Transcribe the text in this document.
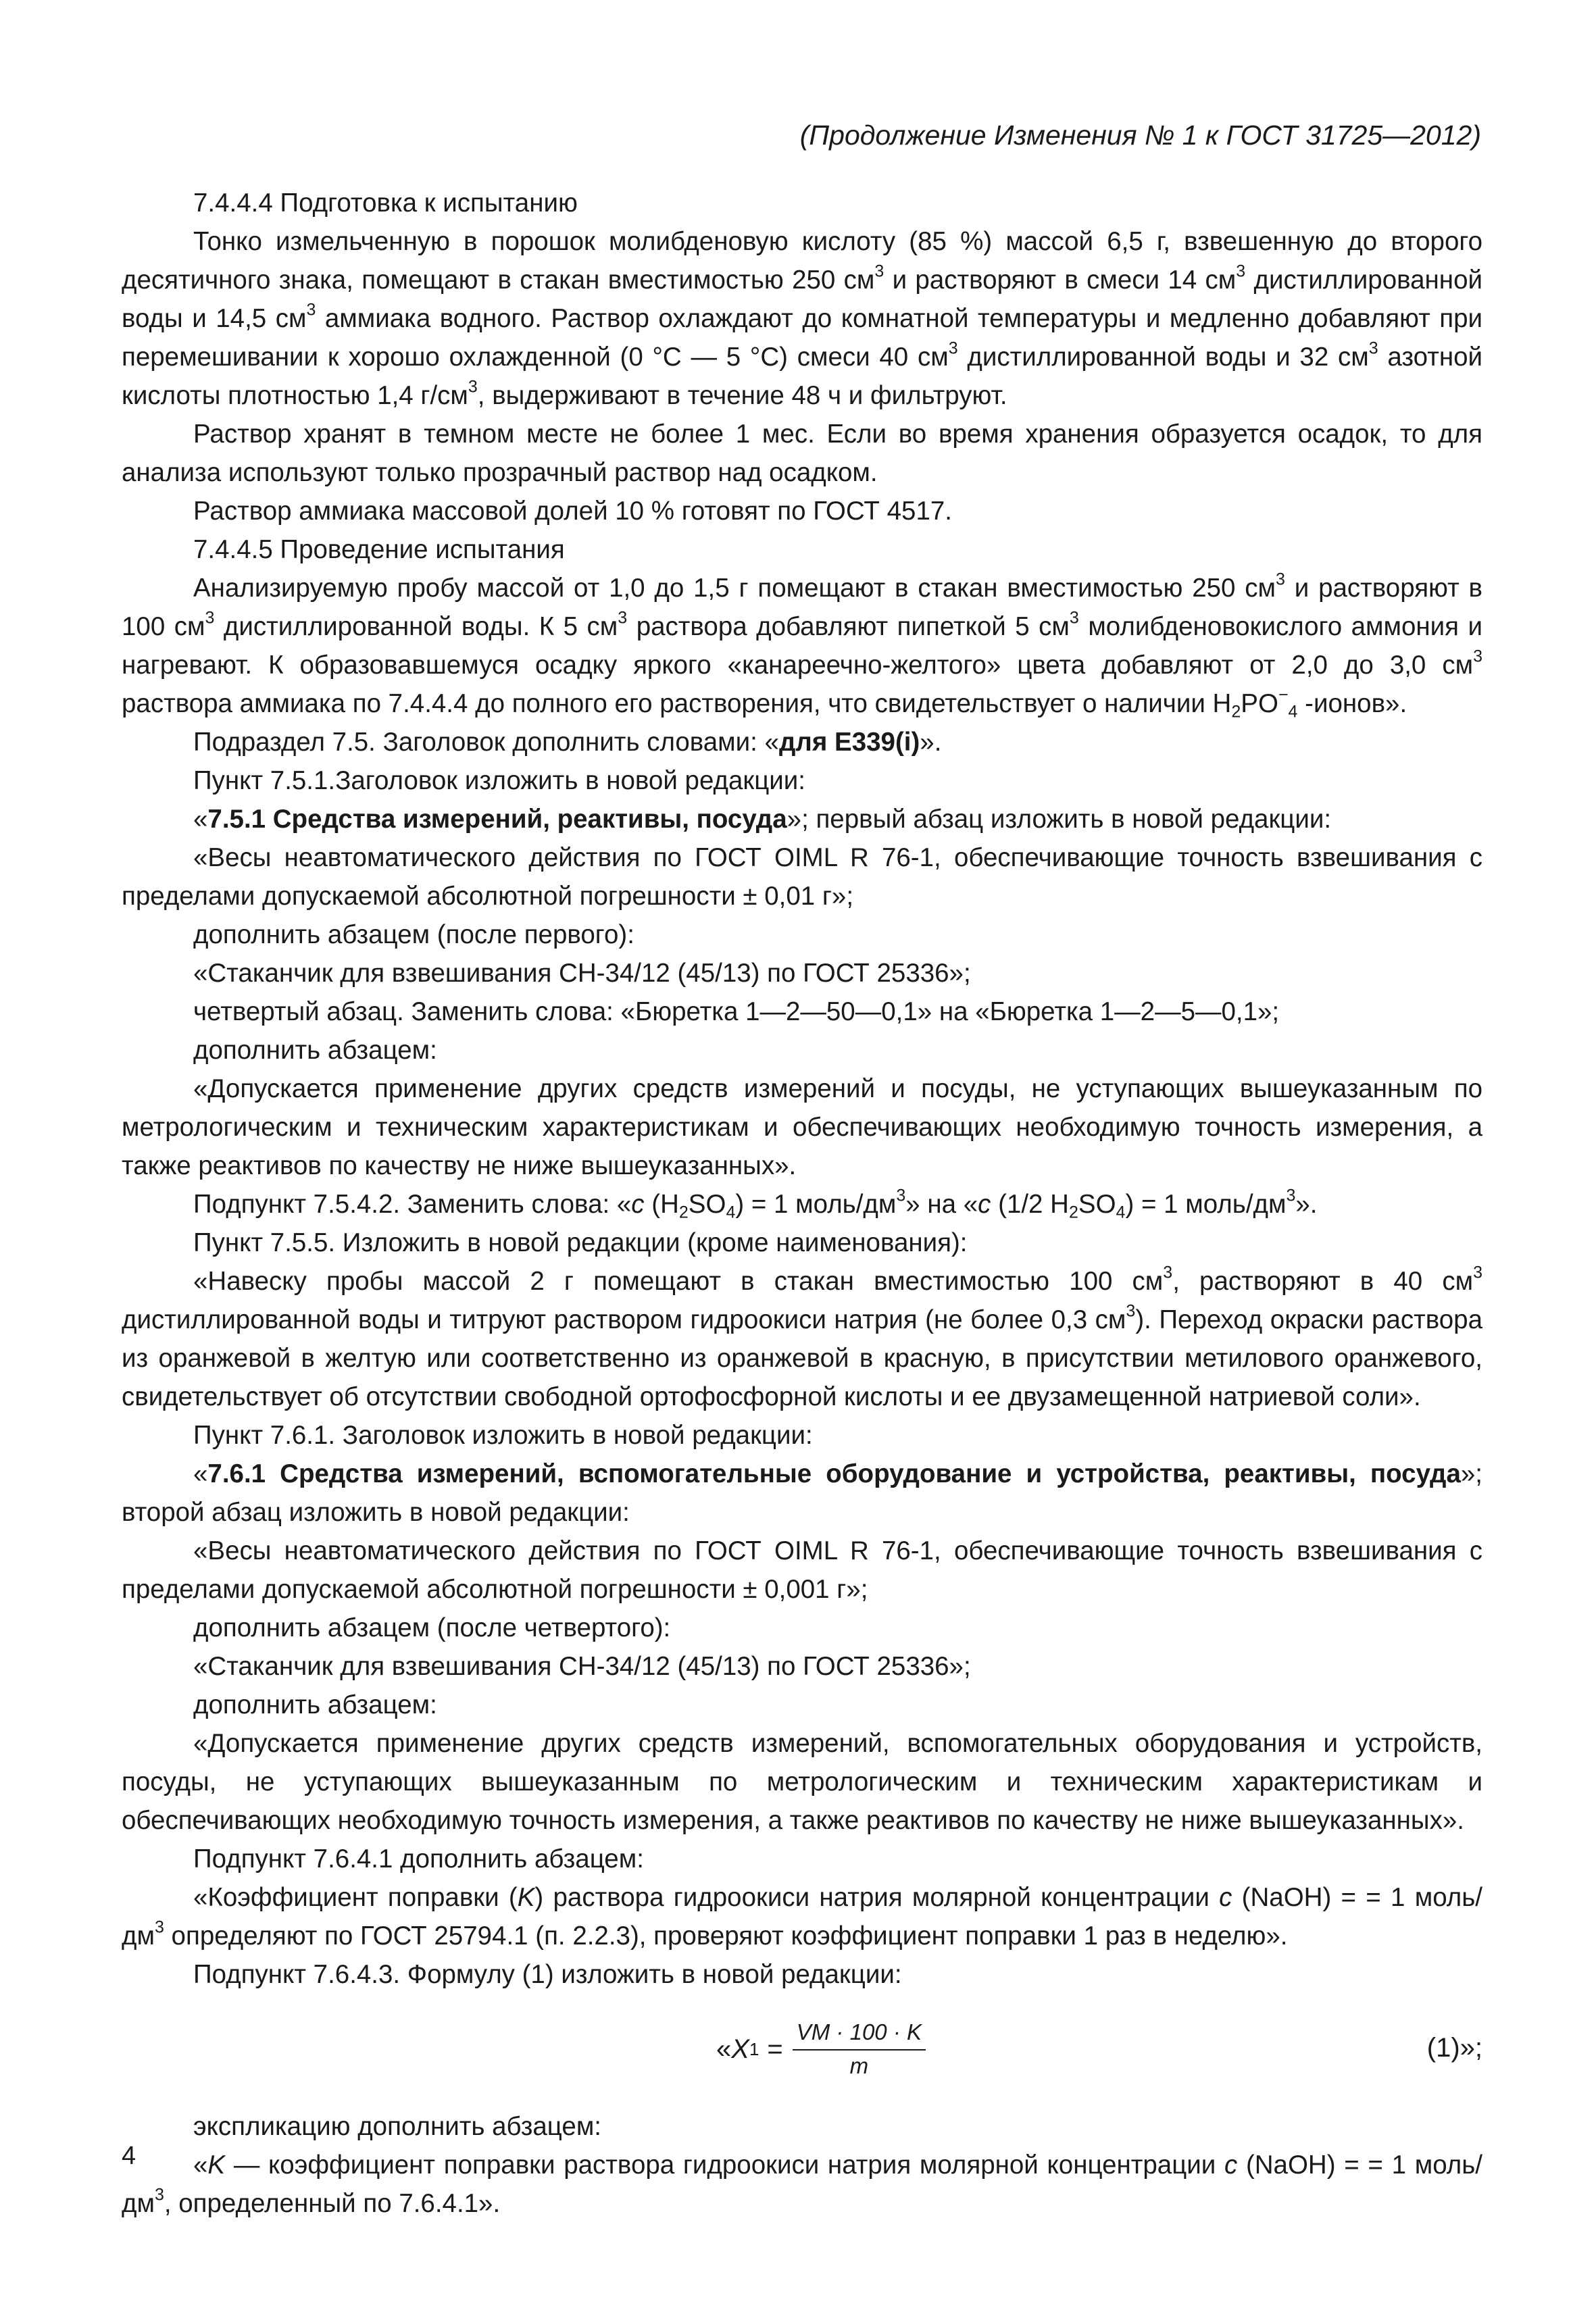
(Продолжение Изменения № 1 к ГОСТ 31725—2012)

7.4.4.4 Подготовка к испытанию

Тонко измельченную в порошок молибденовую кислоту (85 %) массой 6,5 г, взвешенную до второго десятичного знака, помещают в стакан вместимостью 250 $см^3$ и растворяют в смеси 14 $см^3$ дистиллированной воды и 14,5 $см^3$ аммиака водного. Раствор охлаждают до комнатной температуры и медленно добавляют при перемешивании к хорошо охлажденной (0 °C — 5 °C) смеси 40 $см^3$ дистиллированной воды и 32 $см^3$ азотной кислоты плотностью 1,4 $г/см^3$, выдерживают в течение 48 ч и фильтруют.

Раствор хранят в темном месте не более 1 мес. Если во время хранения образуется осадок, то для анализа используют только прозрачный раствор над осадком.

Раствор аммиака массовой долей 10 % готовят по ГОСТ 4517.

7.4.4.5 Проведение испытания

Анализируемую пробу массой от 1,0 до 1,5 г помещают в стакан вместимостью 250 $см^3$ и растворяют в 100 $см^3$ дистиллированной воды. К 5 $см^3$ раствора добавляют пипеткой 5 $см^3$ молибденовокислого аммония и нагревают. К образовавшемуся осадку яркого «канареечно-желтого» цвета добавляют от 2,0 до 3,0 $см^3$ раствора аммиака по 7.4.4.4 до полного его растворения, что свидетельствует о наличии $H_2PO^-_4$ -ионов».

Подраздел 7.5. Заголовок дополнить словами: «для E339(i)».

Пункт 7.5.1.Заголовок изложить в новой редакции:

«7.5.1 Средства измерений, реактивы, посуда»; первый абзац изложить в новой редакции:

«Весы неавтоматического действия по ГОСТ OIML R 76-1, обеспечивающие точность взвешивания с пределами допускаемой абсолютной погрешности ± 0,01 г»;

дополнить абзацем (после первого):

«Стаканчик для взвешивания СН-34/12 (45/13) по ГОСТ 25336»;

четвертый абзац. Заменить слова: «Бюретка 1—2—50—0,1» на «Бюретка 1—2—5—0,1»;

дополнить абзацем:

«Допускается применение других средств измерений и посуды, не уступающих вышеуказанным по метрологическим и техническим характеристикам и обеспечивающих необходимую точность измерения, а также реактивов по качеству не ниже вышеуказанных».

Подпункт 7.5.4.2. Заменить слова: «c $(H_2SO_4) = 1$ моль/$дм^3$» на «c (1/2 $H_2SO_4) = 1$ моль/$дм^3$».

Пункт 7.5.5. Изложить в новой редакции (кроме наименования):

«Навеску пробы массой 2 г помещают в стакан вместимостью 100 $см^3$, растворяют в 40 $см^3$ дистиллированной воды и титруют раствором гидроокиси натрия (не более 0,3 $см^3$). Переход окраски раствора из оранжевой в желтую или соответственно из оранжевой в красную, в присутствии метилового оранжевого, свидетельствует об отсутствии свободной ортофосфорной кислоты и ее двузамещенной натриевой соли».

Пункт 7.6.1. Заголовок изложить в новой редакции:

«7.6.1 Средства измерений, вспомогательные оборудование и устройства, реактивы, посуда»; второй абзац изложить в новой редакции:

«Весы неавтоматического действия по ГОСТ OIML R 76-1, обеспечивающие точность взвешивания с пределами допускаемой абсолютной погрешности ± 0,001 г»;

дополнить абзацем (после четвертого):

«Стаканчик для взвешивания СН-34/12 (45/13) по ГОСТ 25336»;

дополнить абзацем:

«Допускается применение других средств измерений, вспомогательных оборудования и устройств, посуды, не уступающих вышеуказанным по метрологическим и техническим характеристикам и обеспечивающих необходимую точность измерения, а также реактивов по качеству не ниже вышеуказанных».

Подпункт 7.6.4.1 дополнить абзацем:

«Коэффициент поправки (K) раствора гидроокиси натрия молярной концентрации c (NaOH) = = 1 моль/$дм^3$ определяют по ГОСТ 25794.1 (п. 2.2.3), проверяют коэффициент поправки 1 раз в неделю».

Подпункт 7.6.4.3. Формулу (1) изложить в новой редакции:

« X $1 = \frac{VM \cdot 100 \cdot K}{m}$	(1)»;

экспликацию дополнить абзацем:

«K — коэффициент поправки раствора гидроокиси натрия молярной концентрации c (NaOH) = = 1 моль/$дм^3$, определенный по 7.6.4.1».

4
